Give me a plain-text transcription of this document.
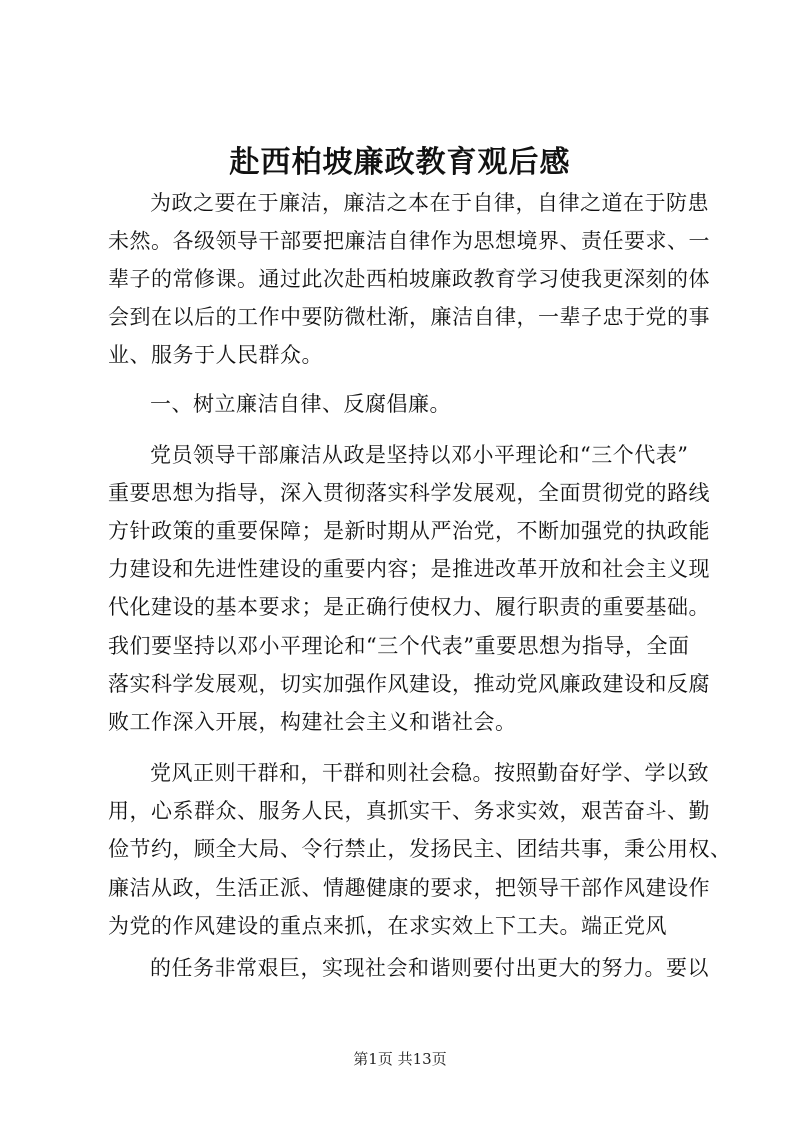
赴西柏坡廉政教育观后感
为政之要在于廉洁，廉洁之本在于自律，自律之道在于防患
未然。各级领导干部要把廉洁自律作为思想境界、责任要求、一
辈子的常修课。通过此次赴西柏坡廉政教育学习使我更深刻的体
会到在以后的工作中要防微杜渐，廉洁自律，一辈子忠于党的事
业、服务于人民群众。
一、树立廉洁自律、反腐倡廉。
党员领导干部廉洁从政是坚持以邓小平理论和“三个代表”
重要思想为指导，深入贯彻落实科学发展观，全面贯彻党的路线
方针政策的重要保障；是新时期从严治党，不断加强党的执政能
力建设和先进性建设的重要内容；是推进改革开放和社会主义现
代化建设的基本要求；是正确行使权力、履行职责的重要基础。
我们要坚持以邓小平理论和“三个代表”重要思想为指导，全面
落实科学发展观，切实加强作风建设，推动党风廉政建设和反腐
败工作深入开展，构建社会主义和谐社会。
党风正则干群和，干群和则社会稳。按照勤奋好学、学以致
用，心系群众、服务人民，真抓实干、务求实效，艰苦奋斗、勤
俭节约，顾全大局、令行禁止，发扬民主、团结共事，秉公用权、
廉洁从政，生活正派、情趣健康的要求，把领导干部作风建设作
为党的作风建设的重点来抓，在求实效上下工夫。端正党风
的任务非常艰巨，实现社会和谐则要付出更大的努力。要以
第1页 共13页
